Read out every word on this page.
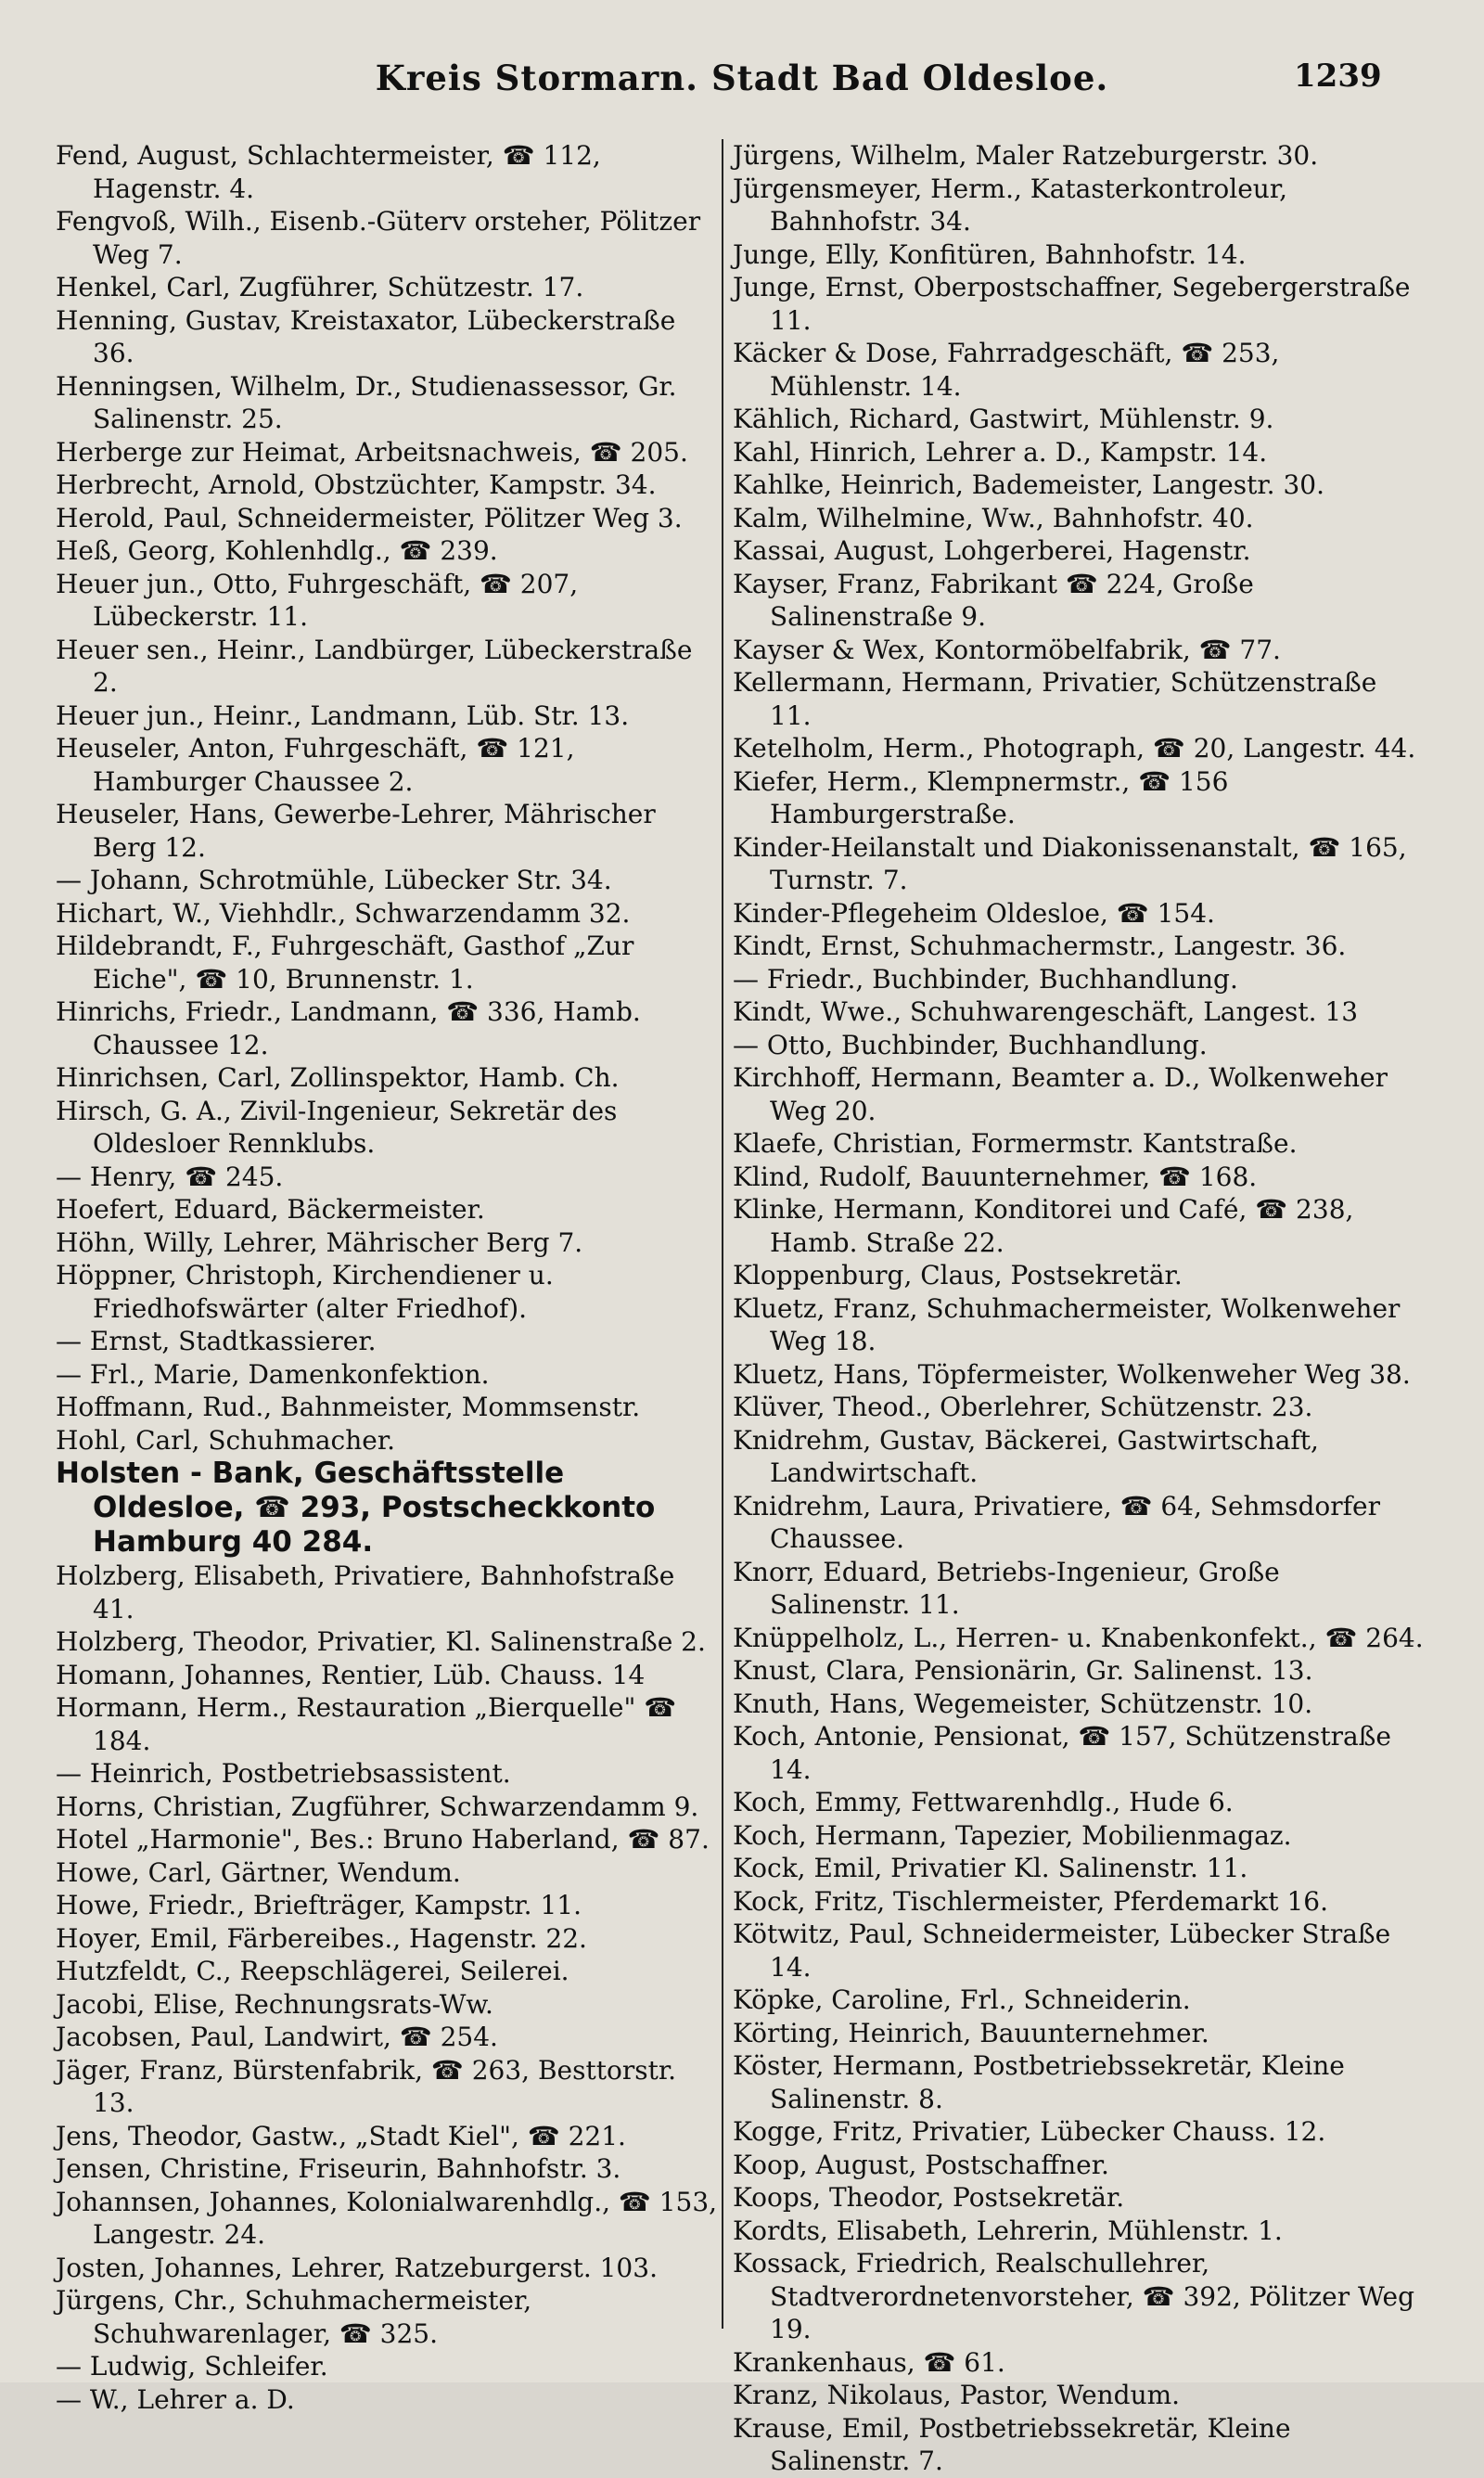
Kreis Stormarn. Stadt Bad Oldesloe.	1239
Fend, August, Schlachtermeister, ☎ 112, Hagenstr. 4.
Fengvoß, Wilh., Eisenb.-Güterv orsteher, Pölitzer Weg 7.
Henkel, Carl, Zugführer, Schützestr. 17.
Henning, Gustav, Kreistaxator, Lübeckerstraße 36.
Henningsen, Wilhelm, Dr., Studienassessor, Gr. Salinenstr. 25.
Herberge zur Heimat, Arbeitsnachweis, ☎ 205.
Herbrecht, Arnold, Obstzüchter, Kampstr. 34.
Herold, Paul, Schneidermeister, Pölitzer Weg 3.
Heß, Georg, Kohlenhdlg., ☎ 239.
Heuer jun., Otto, Fuhrgeschäft, ☎ 207, Lübeckerstr. 11.
Heuer sen., Heinr., Landbürger, Lübeckerstraße 2.
Heuer jun., Heinr., Landmann, Lüb. Str. 13.
Heuseler, Anton, Fuhrgeschäft, ☎ 121, Hamburger Chaussee 2.
Heuseler, Hans, Gewerbe-Lehrer, Mährischer Berg 12.
— Johann, Schrotmühle, Lübecker Str. 34.
Hichart, W., Viehhdlr., Schwarzendamm 32.
Hildebrandt, F., Fuhrgeschäft, Gasthof „Zur Eiche", ☎ 10, Brunnenstr. 1.
Hinrichs, Friedr., Landmann, ☎ 336, Hamb. Chaussee 12.
Hinrichsen, Carl, Zollinspektor, Hamb. Ch.
Hirsch, G. A., Zivil-Ingenieur, Sekretär des Oldesloer Rennklubs.
— Henry, ☎ 245.
Hoefert, Eduard, Bäckermeister.
Höhn, Willy, Lehrer, Mährischer Berg 7.
Höppner, Christoph, Kirchendiener u. Friedhofswärter (alter Friedhof).
— Ernst, Stadtkassierer.
— Frl., Marie, Damenkonfektion.
Hoffmann, Rud., Bahnmeister, Mommsenstr.
Hohl, Carl, Schuhmacher.
Holsten - Bank, Geschäftsstelle Oldesloe, ☎ 293, Postscheckkonto Hamburg 40 284.
Holzberg, Elisabeth, Privatiere, Bahnhofstraße 41.
Holzberg, Theodor, Privatier, Kl. Salinenstraße 2.
Homann, Johannes, Rentier, Lüb. Chauss. 14
Hormann, Herm., Restauration „Bierquelle" ☎ 184.
— Heinrich, Postbetriebsassistent.
Horns, Christian, Zugführer, Schwarzendamm 9.
Hotel „Harmonie", Bes.: Bruno Haberland, ☎ 87.
Howe, Carl, Gärtner, Wendum.
Howe, Friedr., Briefträger, Kampstr. 11.
Hoyer, Emil, Färbereibes., Hagenstr. 22.
Hutzfeldt, C., Reepschlägerei, Seilerei.
Jacobi, Elise, Rechnungsrats-Ww.
Jacobsen, Paul, Landwirt, ☎ 254.
Jäger, Franz, Bürstenfabrik, ☎ 263, Besttorstr. 13.
Jens, Theodor, Gastw., „Stadt Kiel", ☎ 221.
Jensen, Christine, Friseurin, Bahnhofstr. 3.
Johannsen, Johannes, Kolonialwarenhdlg., ☎ 153, Langestr. 24.
Josten, Johannes, Lehrer, Ratzeburgerst. 103.
Jürgens, Chr., Schuhmachermeister, Schuhwarenlager, ☎ 325.
— Ludwig, Schleifer.
— W., Lehrer a. D.
Jürgens, Wilhelm, Maler Ratzeburgerstr. 30.
Jürgensmeyer, Herm., Katasterkontroleur, Bahnhofstr. 34.
Junge, Elly, Konfitüren, Bahnhofstr. 14.
Junge, Ernst, Oberpostschaffner, Segebergerstraße 11.
Käcker & Dose, Fahrradgeschäft, ☎ 253, Mühlenstr. 14.
Kählich, Richard, Gastwirt, Mühlenstr. 9.
Kahl, Hinrich, Lehrer a. D., Kampstr. 14.
Kahlke, Heinrich, Bademeister, Langestr. 30.
Kalm, Wilhelmine, Ww., Bahnhofstr. 40.
Kassai, August, Lohgerberei, Hagenstr.
Kayser, Franz, Fabrikant ☎ 224, Große Salinenstraße 9.
Kayser & Wex, Kontormöbelfabrik, ☎ 77.
Kellermann, Hermann, Privatier, Schützenstraße 11.
Ketelholm, Herm., Photograph, ☎ 20, Langestr. 44.
Kiefer, Herm., Klempnermstr., ☎ 156 Hamburgerstraße.
Kinder-Heilanstalt und Diakonissenanstalt, ☎ 165, Turnstr. 7.
Kinder-Pflegeheim Oldesloe, ☎ 154.
Kindt, Ernst, Schuhmachermstr., Langestr. 36.
— Friedr., Buchbinder, Buchhandlung.
Kindt, Wwe., Schuhwarengeschäft, Langest. 13
— Otto, Buchbinder, Buchhandlung.
Kirchhoff, Hermann, Beamter a. D., Wolkenweher Weg 20.
Klaefe, Christian, Formermstr. Kantstraße.
Klind, Rudolf, Bauunternehmer, ☎ 168.
Klinke, Hermann, Konditorei und Café, ☎ 238, Hamb. Straße 22.
Kloppenburg, Claus, Postsekretär.
Kluetz, Franz, Schuhmachermeister, Wolkenweher Weg 18.
Kluetz, Hans, Töpfermeister, Wolkenweher Weg 38.
Klüver, Theod., Oberlehrer, Schützenstr. 23.
Knidrehm, Gustav, Bäckerei, Gastwirtschaft, Landwirtschaft.
Knidrehm, Laura, Privatiere, ☎ 64, Sehmsdorfer Chaussee.
Knorr, Eduard, Betriebs-Ingenieur, Große Salinenstr. 11.
Knüppelholz, L., Herren- u. Knabenkonfekt., ☎ 264.
Knust, Clara, Pensionärin, Gr. Salinenst. 13.
Knuth, Hans, Wegemeister, Schützenstr. 10.
Koch, Antonie, Pensionat, ☎ 157, Schützenstraße 14.
Koch, Emmy, Fettwarenhdlg., Hude 6.
Koch, Hermann, Tapezier, Mobilienmagaz.
Kock, Emil, Privatier Kl. Salinenstr. 11.
Kock, Fritz, Tischlermeister, Pferdemarkt 16.
Kötwitz, Paul, Schneidermeister, Lübecker Straße 14.
Köpke, Caroline, Frl., Schneiderin.
Körting, Heinrich, Bauunternehmer.
Köster, Hermann, Postbetriebssekretär, Kleine Salinenstr. 8.
Kogge, Fritz, Privatier, Lübecker Chauss. 12.
Koop, August, Postschaffner.
Koops, Theodor, Postsekretär.
Kordts, Elisabeth, Lehrerin, Mühlenstr. 1.
Kossack, Friedrich, Realschullehrer, Stadtverordnetenvorsteher, ☎ 392, Pölitzer Weg 19.
Krankenhaus, ☎ 61.
Kranz, Nikolaus, Pastor, Wendum.
Krause, Emil, Postbetriebssekretär, Kleine Salinenstr. 7.
